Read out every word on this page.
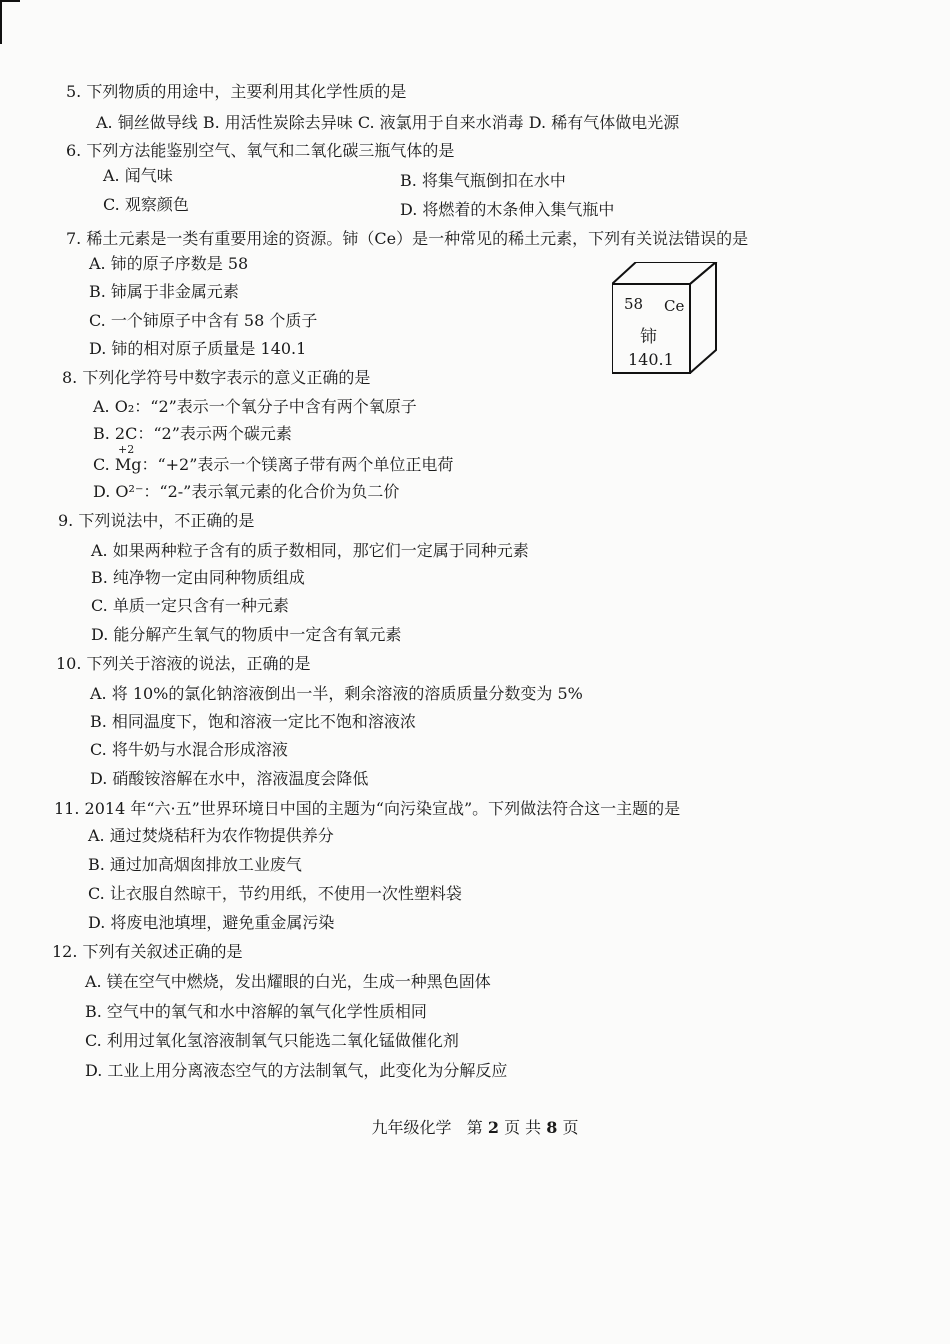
5. 下列物质的用途中，主要利用其化学性质的是
A. 铜丝做导线 B. 用活性炭除去异味 C. 液氯用于自来水消毒 D. 稀有气体做电光源
6. 下列方法能鉴别空气、氧气和二氧化碳三瓶气体的是
A. 闻气味	B. 将集气瓶倒扣在水中
C. 观察颜色	D. 将燃着的木条伸入集气瓶中
7. 稀土元素是一类有重要用途的资源。铈（Ce）是一种常见的稀土元素，下列有关说法错误的是
A. 铈的原子序数是 58
B. 铈属于非金属元素
C. 一个铈原子中含有 58 个质子
D. 铈的相对原子质量是 140.1
58 Ce
铈
140.1
8. 下列化学符号中数字表示的意义正确的是
A. O₂：“2”表示一个氧分子中含有两个氧原子
B. 2C：“2”表示两个碳元素
+2
C. Mg：“+2”表示一个镁离子带有两个单位正电荷
D. O²⁻：“2-”表示氧元素的化合价为负二价
9. 下列说法中，不正确的是
A. 如果两种粒子含有的质子数相同，那它们一定属于同种元素
B. 纯净物一定由同种物质组成
C. 单质一定只含有一种元素
D. 能分解产生氧气的物质中一定含有氧元素
10. 下列关于溶液的说法，正确的是
A. 将 10%的氯化钠溶液倒出一半，剩余溶液的溶质质量分数变为 5%
B. 相同温度下，饱和溶液一定比不饱和溶液浓
C. 将牛奶与水混合形成溶液
D. 硝酸铵溶解在水中，溶液温度会降低
11. 2014 年“六·五”世界环境日中国的主题为“向污染宣战”。下列做法符合这一主题的是
A. 通过焚烧秸秆为农作物提供养分
B. 通过加高烟囱排放工业废气
C. 让衣服自然晾干，节约用纸，不使用一次性塑料袋
D. 将废电池填埋，避免重金属污染
12. 下列有关叙述正确的是
A. 镁在空气中燃烧，发出耀眼的白光，生成一种黑色固体
B. 空气中的氧气和水中溶解的氧气化学性质相同
C. 利用过氧化氢溶液制氧气只能选二氧化锰做催化剂
D. 工业上用分离液态空气的方法制氧气，此变化为分解反应
九年级化学 第 2 页 共 8 页
